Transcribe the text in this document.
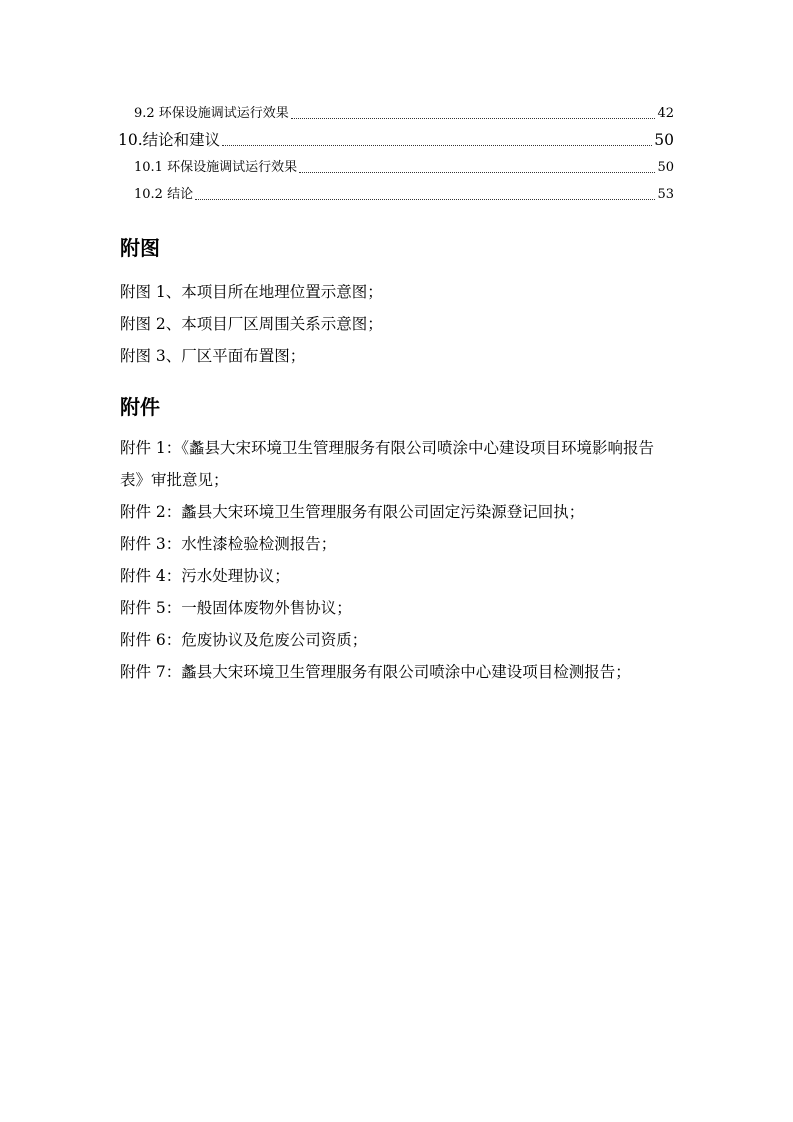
9.2 环保设施调试运行效果	42
10.结论和建议	50
10.1 环保设施调试运行效果	50
10.2 结论	53
附图

附图 1、本项目所在地理位置示意图；

附图 2、本项目厂区周围关系示意图；

附图 3、厂区平面布置图；

附件

附件 1：《蠡县大宋环境卫生管理服务有限公司喷涂中心建设项目环境影响报告表》审批意见；

附件 2：蠡县大宋环境卫生管理服务有限公司固定污染源登记回执；

附件 3：水性漆检验检测报告；

附件 4：污水处理协议；

附件 5：一般固体废物外售协议；

附件 6：危废协议及危废公司资质；

附件 7：蠡县大宋环境卫生管理服务有限公司喷涂中心建设项目检测报告；
